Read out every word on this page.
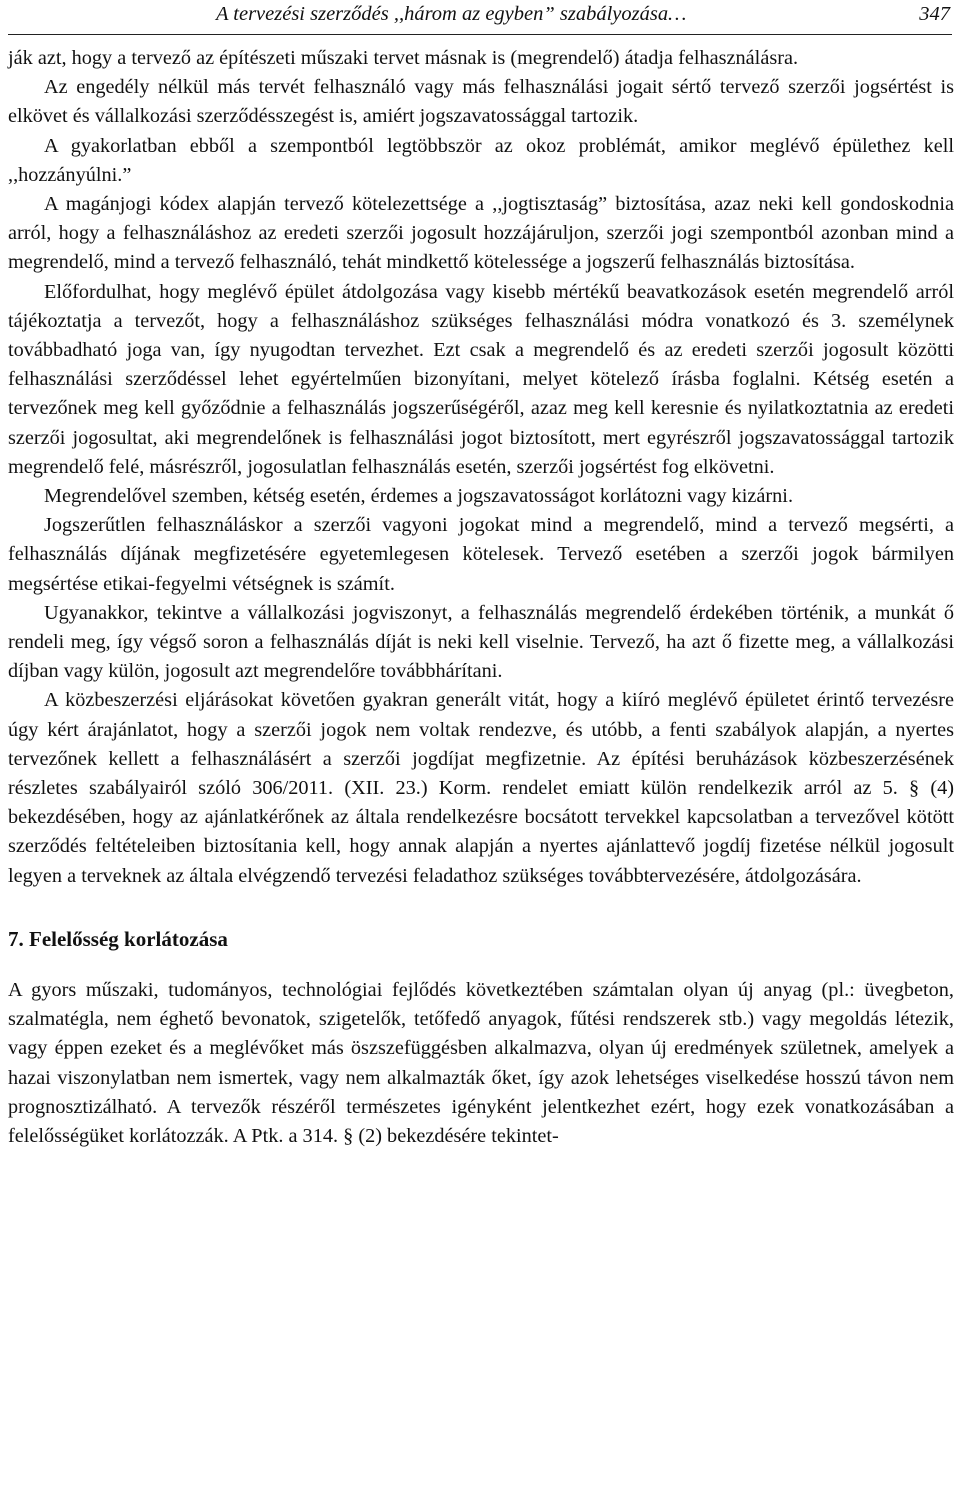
A tervezési szerződés ,,három az egyben” szabályozása…	347

ják azt, hogy a tervező az építészeti műszaki tervet másnak is (megrendelő) átadja felhasználásra.

Az engedély nélkül más tervét felhasználó vagy más felhasználási jogait sértő tervező szerzői jogsértést is elkövet és vállalkozási szerződésszegést is, amiért jogszavatossággal tartozik.

A gyakorlatban ebből a szempontból legtöbbször az okoz problémát, amikor meglévő épülethez kell ,,hozzányúlni.”

A magánjogi kódex alapján tervező kötelezettsége a ,,jogtisztaság” biztosítása, azaz neki kell gondoskodnia arról, hogy a felhasználáshoz az eredeti szerzői jogosult hozzájáruljon, szerzői jogi szempontból azonban mind a megrendelő, mind a tervező felhasználó, tehát mindkettő kötelessége a jogszerű felhasználás biztosítása.

Előfordulhat, hogy meglévő épület átdolgozása vagy kisebb mértékű beavatkozások esetén megrendelő arról tájékoztatja a tervezőt, hogy a felhasználáshoz szükséges felhasználási módra vonatkozó és 3. személynek továbbadható joga van, így nyugodtan tervezhet. Ezt csak a megrendelő és az eredeti szerzői jogosult közötti felhasználási szerződéssel lehet egyértelműen bizonyítani, melyet kötelező írásba foglalni. Kétség esetén a tervezőnek meg kell győződnie a felhasználás jogszerűségéről, azaz meg kell keresnie és nyilatkoztatnia az eredeti szerzői jogosultat, aki megrendelőnek is felhasználási jogot biztosított, mert egyrészről jogszavatossággal tartozik megrendelő felé, másrészről, jogosulatlan felhasználás esetén, szerzői jogsértést fog elkövetni.

Megrendelővel szemben, kétség esetén, érdemes a jogszavatosságot korlátozni vagy kizárni.

Jogszerűtlen felhasználáskor a szerzői vagyoni jogokat mind a megrendelő, mind a tervező megsérti, a felhasználás díjának megfizetésére egyetemlegesen kötelesek. Tervező esetében a szerzői jogok bármilyen megsértése etikai-fegyelmi vétségnek is számít.

Ugyanakkor, tekintve a vállalkozási jogviszonyt, a felhasználás megrendelő érdekében történik, a munkát ő rendeli meg, így végső soron a felhasználás díját is neki kell viselnie. Tervező, ha azt ő fizette meg, a vállalkozási díjban vagy külön, jogosult azt megrendelőre továbbhárítani.

A közbeszerzési eljárásokat követően gyakran generált vitát, hogy a kiíró meglévő épületet érintő tervezésre úgy kért árajánlatot, hogy a szerzői jogok nem voltak rendezve, és utóbb, a fenti szabályok alapján, a nyertes tervezőnek kellett a felhasználásért a szerzői jogdíjat megfizetnie. Az építési beruházások közbeszerzésének részletes szabályairól szóló 306/2011. (XII. 23.) Korm. rendelet emiatt külön rendelkezik arról az 5. § (4) bekezdésében, hogy az ajánlatkérőnek az általa rendelkezésre bocsátott tervekkel kapcsolatban a tervezővel kötött szerződés feltételeiben biztosítania kell, hogy annak alapján a nyertes ajánlattevő jogdíj fizetése nélkül jogosult legyen a terveknek az általa elvégzendő tervezési feladathoz szükséges továbbtervezésére, átdolgozására.

7. Felelősség korlátozása

A gyors műszaki, tudományos, technológiai fejlődés következtében számtalan olyan új anyag (pl.: üvegbeton, szalmatégla, nem éghető bevonatok, szigetelők, tetőfedő anyagok, fűtési rendszerek stb.) vagy megoldás létezik, vagy éppen ezeket és a meglévőket más öszszefüggésben alkalmazva, olyan új eredmények születnek, amelyek a hazai viszonylatban nem ismertek, vagy nem alkalmazták őket, így azok lehetséges viselkedése hosszú távon nem prognosztizálható. A tervezők részéről természetes igényként jelentkezhet ezért, hogy ezek vonatkozásában a felelősségüket korlátozzák. A Ptk. a 314. § (2) bekezdésére tekintet-
